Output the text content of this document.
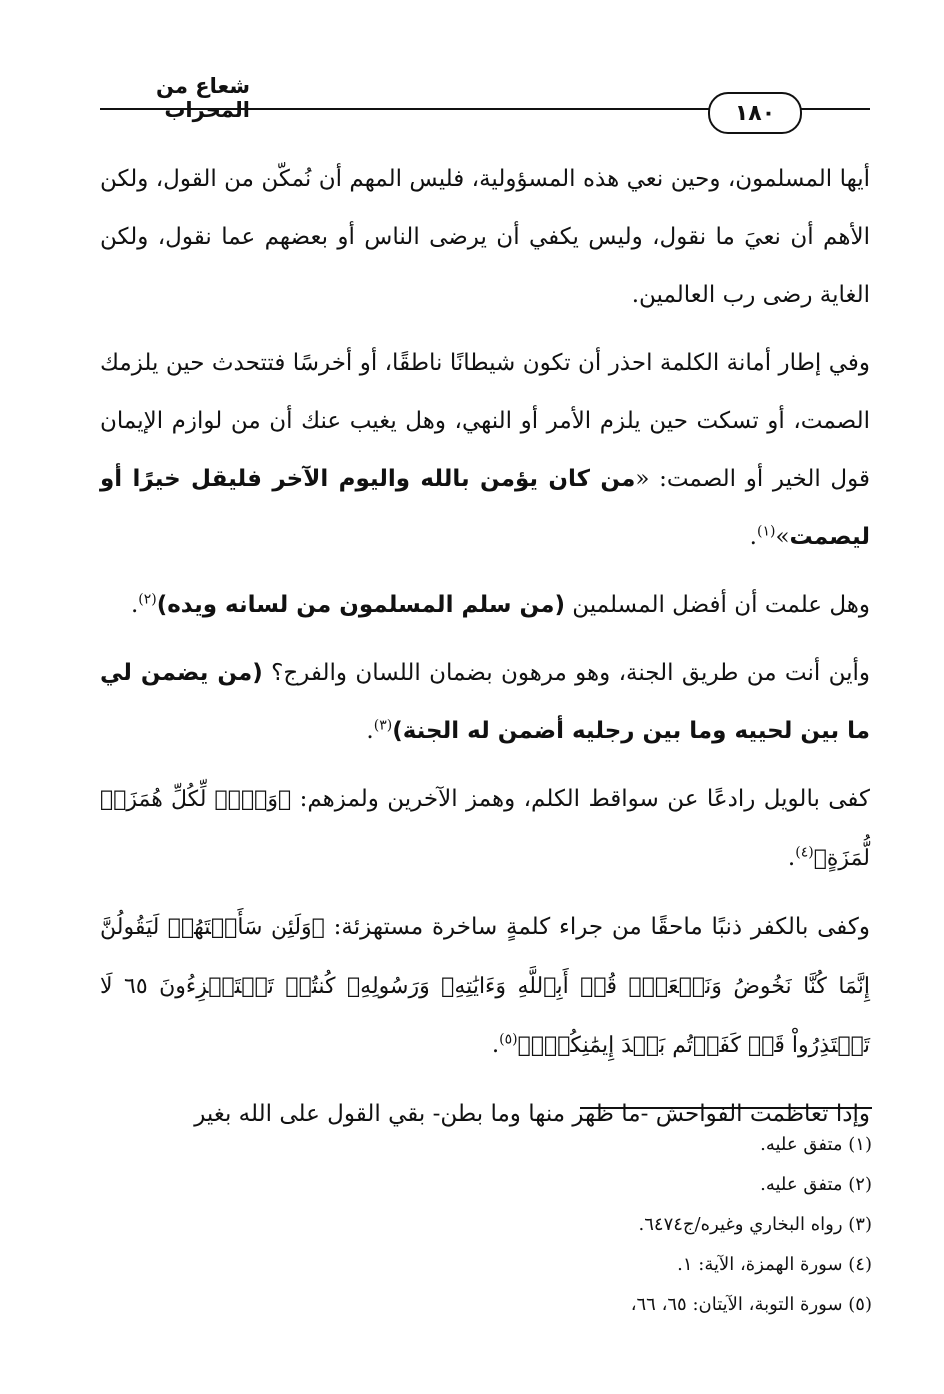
شعاع من المحراب	١٨٠

أيها المسلمون، وحين نعي هذه المسؤولية، فليس المهم أن نُمكّن من القول، ولكن الأهم أن نعيَ ما نقول، وليس يكفي أن يرضى الناس أو بعضهم عما نقول، ولكن الغاية رضى رب العالمين.

وفي إطار أمانة الكلمة احذر أن تكون شيطانًا ناطقًا، أو أخرسًا فتتحدث حين يلزمك الصمت، أو تسكت حين يلزم الأمر أو النهي، وهل يغيب عنك أن من لوازم الإيمان قول الخير أو الصمت: «من كان يؤمن بالله واليوم الآخر فليقل خيرًا أو ليصمت»$^{(١)}$.

وهل علمت أن أفضل المسلمين (من سلم المسلمون من لسانه ويده)$^{(٢)}$.

وأين أنت من طريق الجنة، وهو مرهون بضمان اللسان والفرج؟ (من يضمن لي ما بين لحييه وما بين رجليه أضمن له الجنة)$^{(٣)}$.

كفى بالويل رادعًا عن سواقط الكلم، وهمز الآخرين ولمزهم: ﴿وَيۡلٞ لِّكُلِّ هُمَزَةٖ لُّمَزَةٍ﴾$^{(٤)}$.

وكفى بالكفر ذنبًا ماحقًا من جراء كلمةٍ ساخرة مستهزئة: ﴿وَلَئِن سَأَلۡتَهُمۡ لَيَقُولُنَّ إِنَّمَا كُنَّا نَخُوضُ وَنَلۡعَبُۚ قُلۡ أَبِٱللَّهِ وَءَايَٰتِهِۦ وَرَسُولِهِۦ كُنتُمۡ تَسۡتَهۡزِءُونَ ٦٥ لَا تَعۡتَذِرُواْ قَدۡ كَفَرۡتُم بَعۡدَ إِيمَٰنِكُمۡۚ﴾$^{(٥)}$.

وإذا تعاظمت الفواحش -ما ظهر منها وما بطن- بقي القول على الله بغير

(١) متفق عليه.
(٢) متفق عليه.
(٣) رواه البخاري وغيره/ج٦٤٧٤.
(٤) سورة الهمزة، الآية: ١.
(٥) سورة التوبة، الآيتان: ٦٥، ٦٦،
